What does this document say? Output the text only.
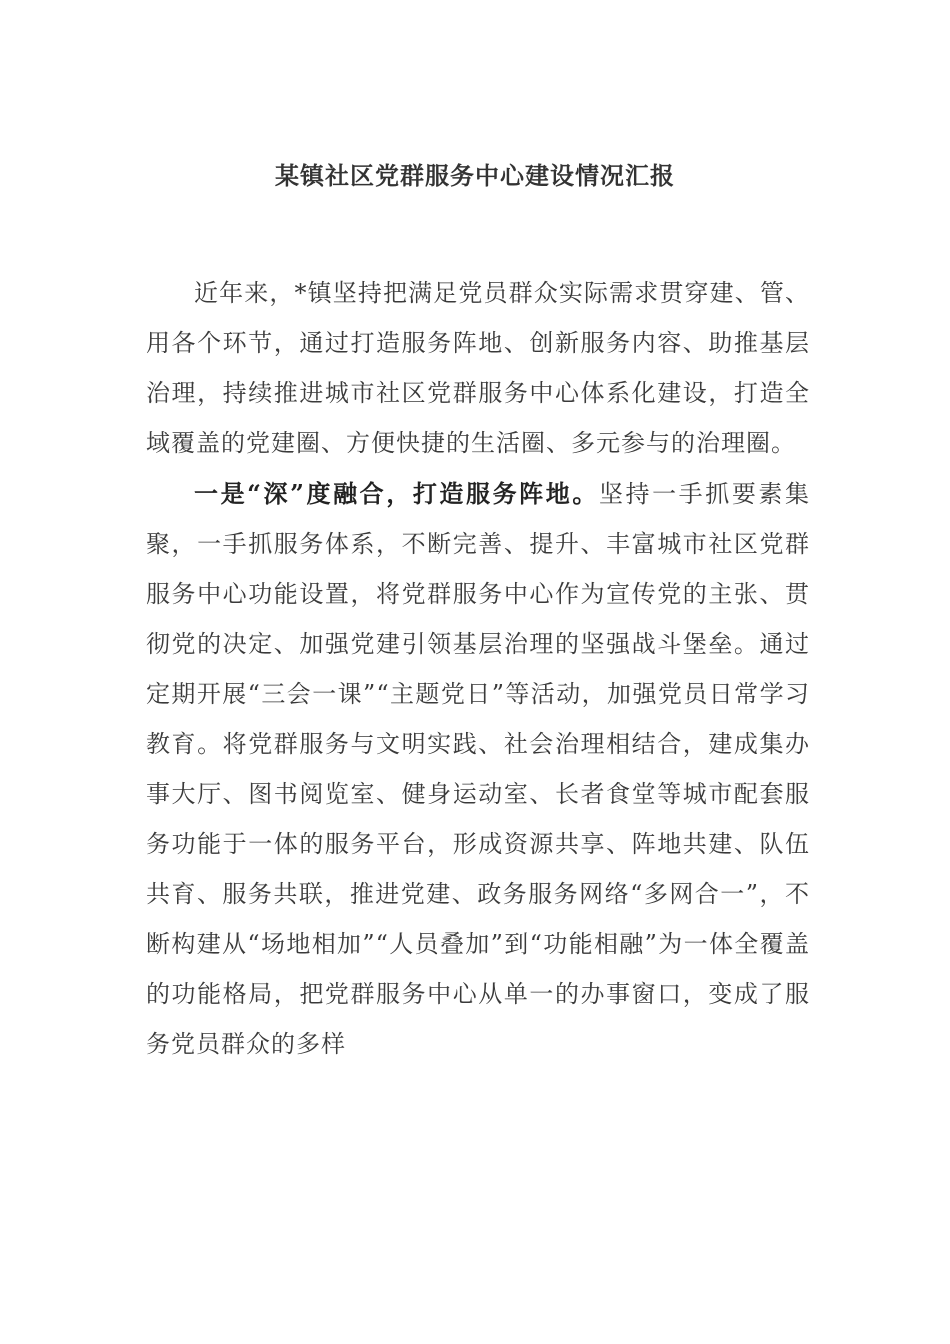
某镇社区党群服务中心建设情况汇报

近年来，*镇坚持把满足党员群众实际需求贯穿建、管、用各个环节，通过打造服务阵地、创新服务内容、助推基层治理，持续推进城市社区党群服务中心体系化建设，打造全域覆盖的党建圈、方便快捷的生活圈、多元参与的治理圈。

一是“深”度融合，打造服务阵地。坚持一手抓要素集聚，一手抓服务体系，不断完善、提升、丰富城市社区党群服务中心功能设置，将党群服务中心作为宣传党的主张、贯彻党的决定、加强党建引领基层治理的坚强战斗堡垒。通过定期开展“三会一课”“主题党日”等活动，加强党员日常学习教育。将党群服务与文明实践、社会治理相结合，建成集办事大厅、图书阅览室、健身运动室、长者食堂等城市配套服务功能于一体的服务平台，形成资源共享、阵地共建、队伍共育、服务共联，推进党建、政务服务网络“多网合一”，不断构建从“场地相加”“人员叠加”到“功能相融”为一体全覆盖的功能格局，把党群服务中心从单一的办事窗口，变成了服务党员群众的多样
